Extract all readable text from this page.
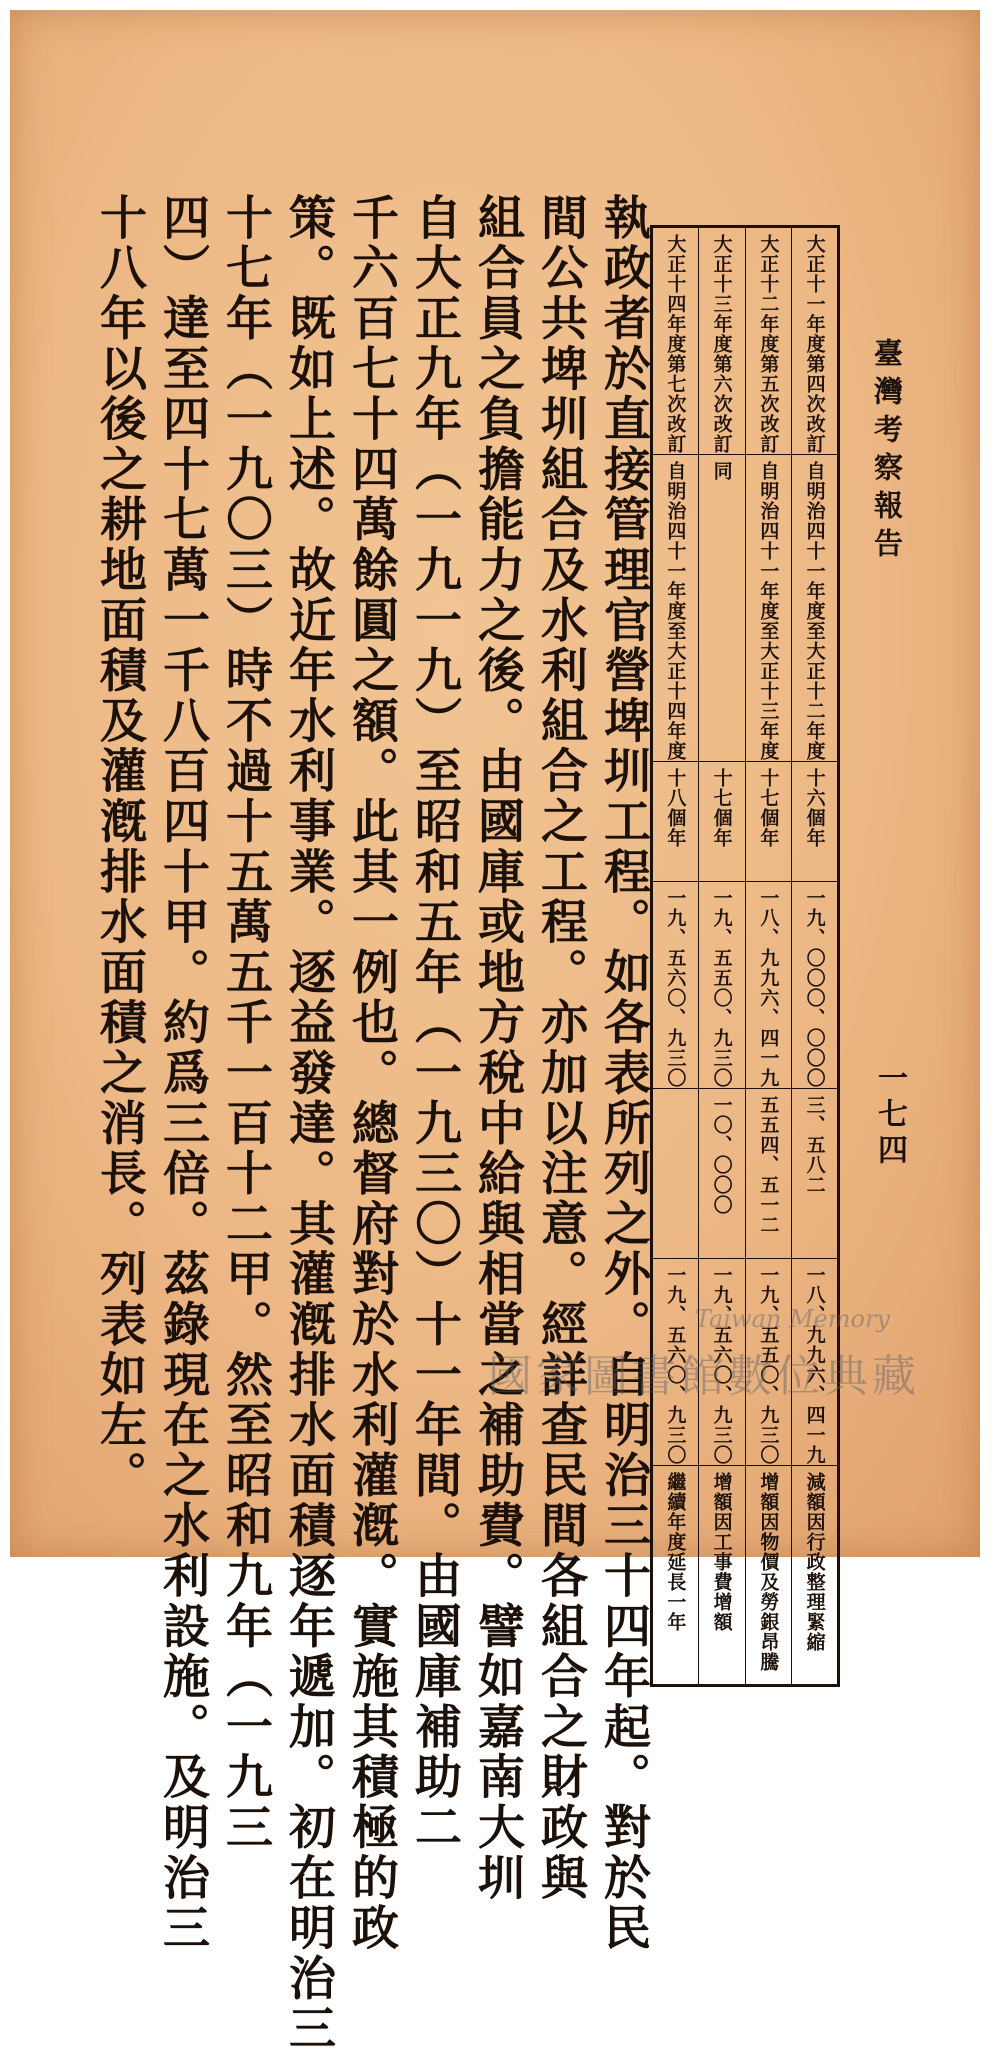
臺灣考察報告
一七四
大正十四年度第七次改訂	大正十三年度第六次改訂	大正十二年度第五次改訂	大正十一年度第四次改訂

自明治四十一年度至大正十四年度	同	自明治四十一年度至大正十三年度	自明治四十一年度至大正十二年度

十八個年	十七個年	十七個年	十六個年

一九、五六〇、九三〇	一九、五五〇、九三〇	一八、九九六、四一九	一九、〇〇〇、〇〇〇

	一〇、〇〇〇	五五四、五一二	三、五八二

一九、五六〇、九三〇	一九、五六〇、九三〇	一九、五五〇、九三〇	一八、九九六、四一九

繼續年度延長一年	增額因工事費增額	增額因物價及勞銀昂騰	減額因行政整理緊縮
執政者於直接管理官營埤圳工程。如各表所列之外。自明治三十四年起。對於民
間公共埤圳組合及水利組合之工程。亦加以注意。經詳查民間各組合之財政與
組合員之負擔能力之後。由國庫或地方稅中給與相當之補助費。譬如嘉南大圳
自大正九年（一九一九）至昭和五年（一九三〇）十一年間。由國庫補助二
千六百七十四萬餘圓之額。此其一例也。總督府對於水利灌漑。實施其積極的政
策。既如上述。故近年水利事業。逐益發達。其灌漑排水面積逐年遞加。初在明治三
十七年（一九〇三）時不過十五萬五千一百十二甲。然至昭和九年（一九三
四）達至四十七萬一千八百四十甲。約爲三倍。茲錄現在之水利設施。及明治三
十八年以後之耕地面積及灌漑排水面積之消長。列表如左。	Taiwan Memory
國家圖書館數位典藏
